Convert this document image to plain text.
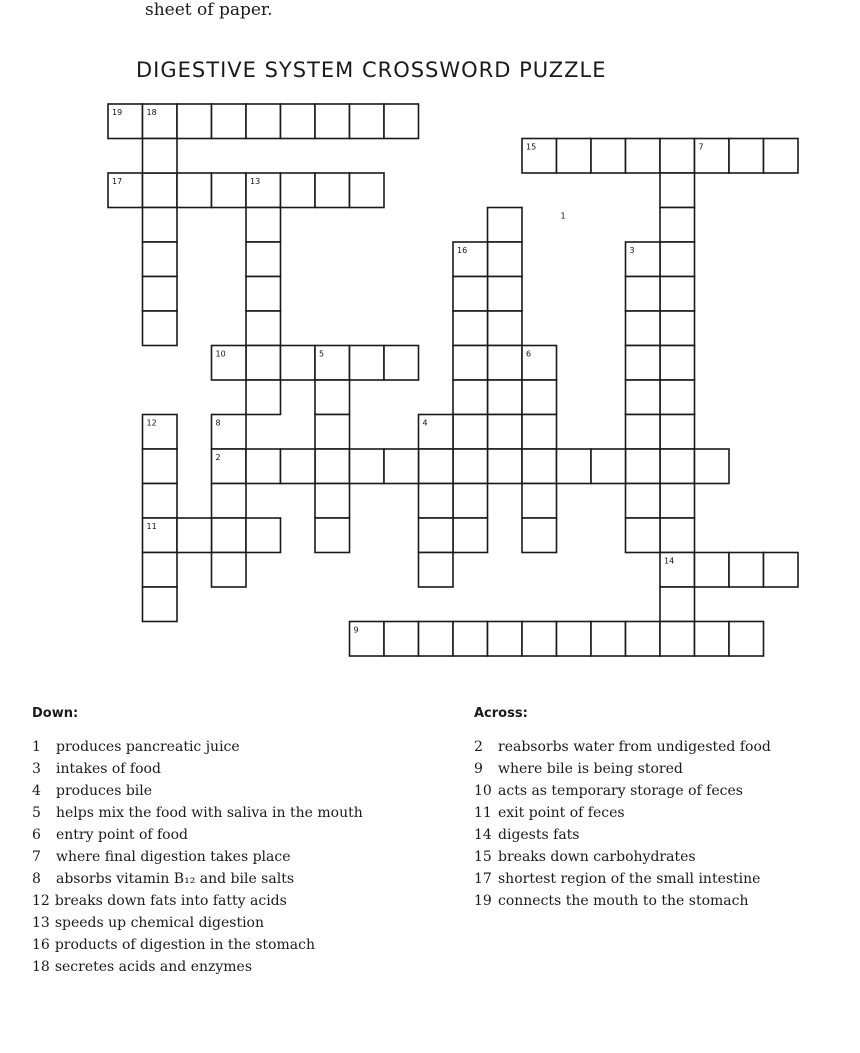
sheet of paper.
DIGESTIVE SYSTEM CROSSWORD PUZZLE
19	18
15	7
17	13
1
16	3
10	5	6
12	8	4
2
11
14
9
Down:	Across:
1 produces pancreatic juice
3 intakes of food
4 produces bile
5 helps mix the food with saliva in the mouth
6 entry point of food
7 where final digestion takes place
8 absorbs vitamin B₁₂ and bile salts
12 breaks down fats into fatty acids
13 speeds up chemical digestion
16 products of digestion in the stomach
18 secretes acids and enzymes
2 reabsorbs water from undigested food
9 where bile is being stored
10 acts as temporary storage of feces
11 exit point of feces
14 digests fats
15 breaks down carbohydrates
17 shortest region of the small intestine
19 connects the mouth to the stomach
